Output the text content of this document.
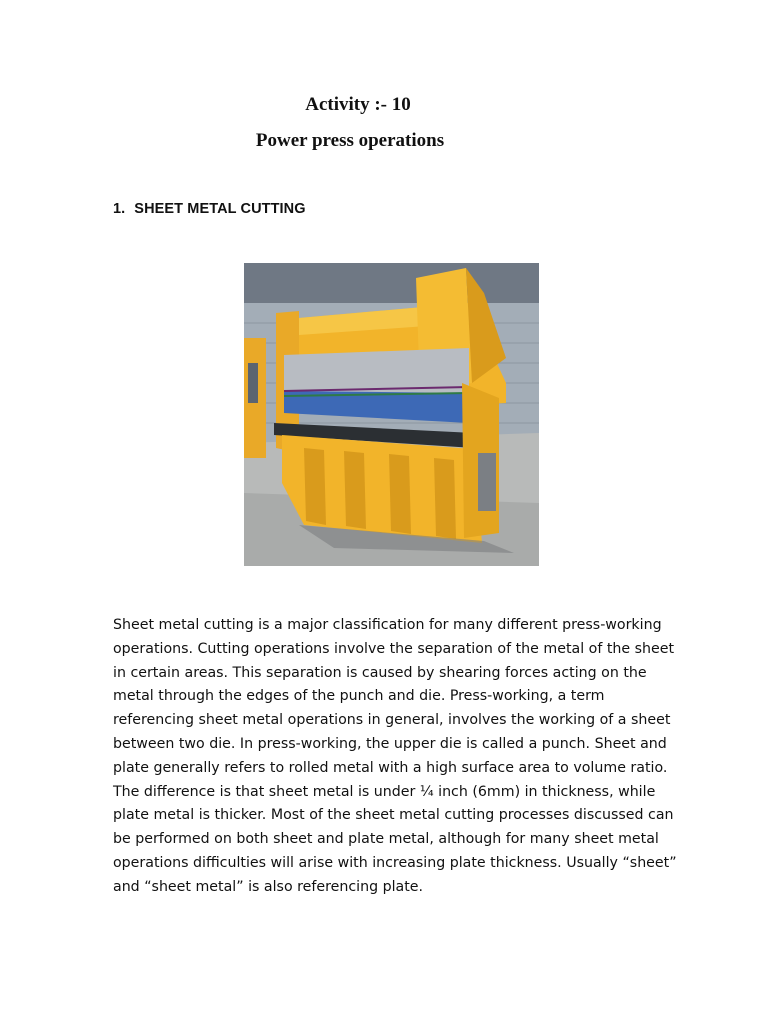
Activity :- 10
Power press operations
1. SHEET METAL CUTTING

Sheet metal cutting is a major classification for many different press-working
operations. Cutting operations involve the separation of the metal of the sheet
in certain areas. This separation is caused by shearing forces acting on the
metal through the edges of the punch and die. Press-working, a term
referencing sheet metal operations in general, involves the working of a sheet
between two die. In press-working, the upper die is called a punch. Sheet and
plate generally refers to rolled metal with a high surface area to volume ratio.
The difference is that sheet metal is under ¼ inch (6mm) in thickness, while
plate metal is thicker. Most of the sheet metal cutting processes discussed can
be performed on both sheet and plate metal, although for many sheet metal
operations difficulties will arise with increasing plate thickness. Usually “sheet”
and “sheet metal” is also referencing plate.
